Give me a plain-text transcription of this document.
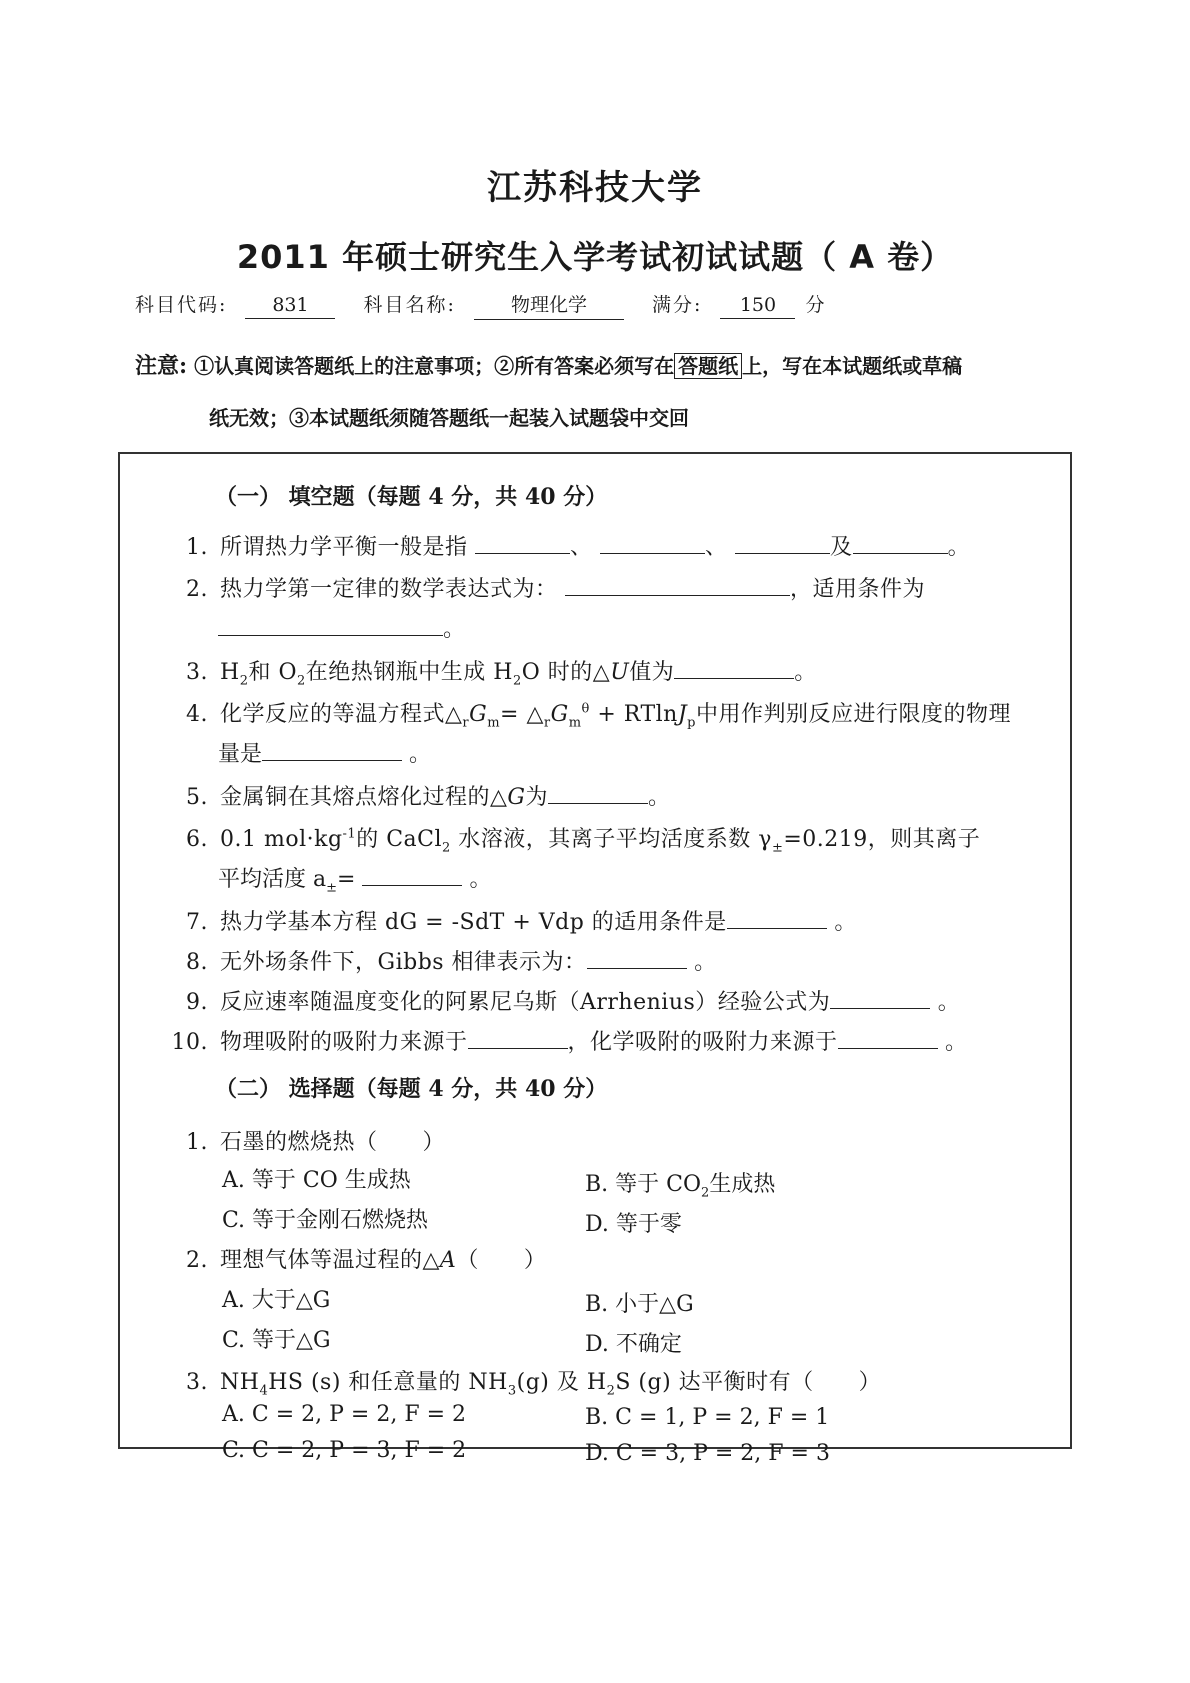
江苏科技大学
2011 年硕士研究生入学考试初试试题（ A 卷）
科目代码: 831	科目名称:	物理化学	满分: 150 分
注意: ①认真阅读答题纸上的注意事项；②所有答案必须写在 答题纸 上，写在本试题纸或草稿
纸无效；③本试题纸须随答题纸一起装入试题袋中交回
（一） 填空题（每题 4 分，共 40 分）
1. 所谓热力学平衡一般是指	、	、	及	。
2. 热力学第一定律的数学表达式为：	，适用条件为
。
3. $H_2$和 $O_2$在绝热钢瓶中生成 $H_2O$ 时的△U值为	。
4. 化学反应的等温方程式$\triangle_rG_m=$ $\triangle_rG_m^\theta + RTlnJ_p$中用作判别反应进行限度的物理
量是	。
5. 金属铜在其熔点熔化过程的△G为	。
6. 0.1 $mol\cdot kg^{-1}$的 CaCl$_2$ 水溶液，其离子平均活度系数 $\gamma_\pm=0.219$，则其离子
平均活度 $a_\pm=$	。
7. 热力学基本方程 dG = -SdT + Vdp 的适用条件是	。
8. 无外场条件下，Gibbs 相律表示为：	。
9. 反应速率随温度变化的阿累尼乌斯（Arrhenius）经验公式为	。
10. 物理吸附的吸附力来源于	，化学吸附的吸附力来源于	。
（二） 选择题（每题 4 分，共 40 分）
1. 石墨的燃烧热（　　）
A. 等于 CO 生成热	B. 等于 $CO_2$生成热
C. 等于金刚石燃烧热	D. 等于零
2. 理想气体等温过程的△A（　　）
A. 大于△G	B. 小于△G
C. 等于△G	D. 不确定
3. $NH_4HS$ (s) 和任意量的 $NH_3(g)$ 及 $H_2S$ (g) 达平衡时有（　　）
A. C = 2, P = 2, F = 2	B. C = 1, P = 2, F = 1
C. C = 2, P = 3, F = 2	D. C = 3, P = 2, F = 3
